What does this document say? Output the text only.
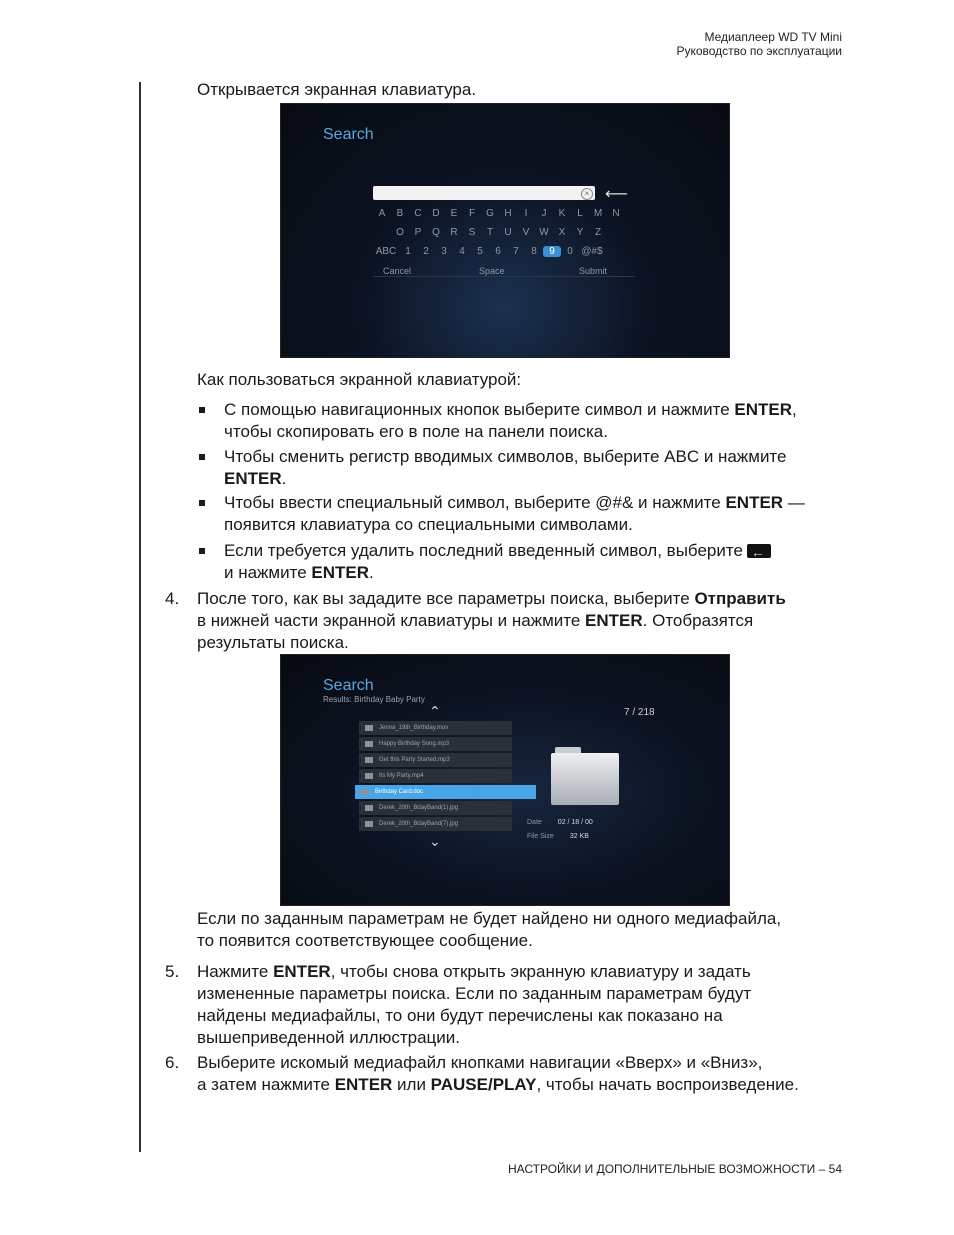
Медиаплеер WD TV Mini
Руководство по эксплуатации
Открывается экранная клавиатура.
Search
× ⟵
A	B	C	D	E	F	G	H	I	J	K	L	M	N
O	P	Q	R	S	T	U	V W X	Y	Z
ABC 1	2	3	4	5	6	7	8	9	0 @#$
Cancel	Space	Submit
Как пользоваться экранной клавиатурой:
С помощью навигационных кнопок выберите символ и нажмите ENTER,
чтобы скопировать его в поле на панели поиска.
Чтобы сменить регистр вводимых символов, выберите ABC и нажмите
ENTER.
Чтобы ввести специальный символ, выберите @#& и нажмите ENTER —
появится клавиатура со специальными символами.
Если требуется удалить последний введенный символ, выберите←
и нажмите ENTER.
4. После того, как вы зададите все параметры поиска, выберите Отправить
в нижней части экранной клавиатуры и нажмите ENTER. Отобразятся
результаты поиска.
Search
Results: Birthday Baby Party
7 / 218
⌃
Jenna_19th_Birthday.mov
Happy Birthday Song.mp3
Get this Party Started.mp3
Its My Party.mp4
Birthday Card.doc
Derek_20th_BdayBand(1).jpg
Derek_20th_BdayBand(7).jpg
⌄
Date 02 / 18 / 00
File Size 32 KB
Если по заданным параметрам не будет найдено ни одного медиафайла,
то появится соответствующее сообщение.
5. Нажмите ENTER, чтобы снова открыть экранную клавиатуру и задать
измененные параметры поиска. Если по заданным параметрам будут
найдены медиафайлы, то они будут перечислены как показано на
вышеприведенной иллюстрации.
6. Выберите искомый медиафайл кнопками навигации «Вверх» и «Вниз»,
а затем нажмите ENTER или PAUSE/PLAY, чтобы начать воспроизведение.
НАСТРОЙКИ И ДОПОЛНИТЕЛЬНЫЕ ВОЗМОЖНОСТИ – 54
